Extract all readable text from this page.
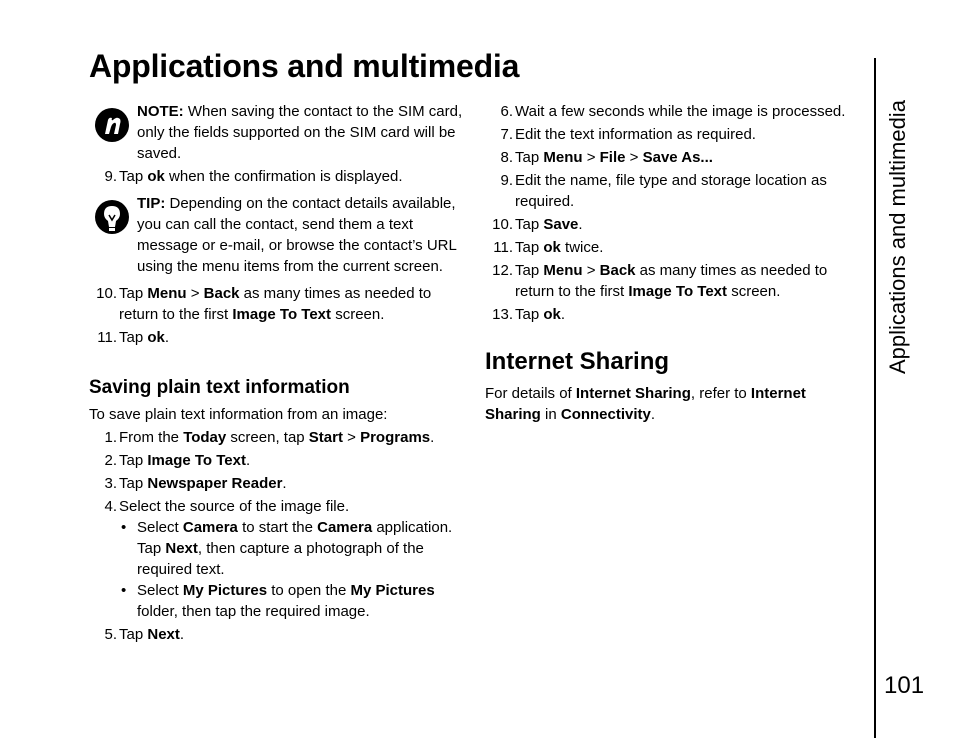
Applications and multimedia

NOTE: When saving the contact to the SIM card, only the fields supported on the SIM card will be saved.

9. Tap ok when the confirmation is displayed.

TIP: Depending on the contact details available, you can call the contact, send them a text message or e-mail, or browse the contact’s URL using the menu items from the current screen.

10. Tap Menu > Back as many times as needed to return to the first Image To Text screen.
11. Tap ok.
Saving plain text information

To save plain text information from an image:

1. From the Today screen, tap Start > Programs.
2. Tap Image To Text.
3. Tap Newspaper Reader.
4. Select the source of the image file.
• Select Camera to start the Camera application. Tap Next, then capture a photograph of the required text.
• Select My Pictures to open the My Pictures folder, then tap the required image.
5. Tap Next.
6. Wait a few seconds while the image is processed.
7. Edit the text information as required.
8. Tap Menu > File > Save As...
9. Edit the name, file type and storage location as required.
10. Tap Save.
11. Tap ok twice.
12. Tap Menu > Back as many times as needed to return to the first Image To Text screen.
13. Tap ok.
Internet Sharing

For details of Internet Sharing, refer to Internet Sharing in Connectivity.

Applications and multimedia
101
